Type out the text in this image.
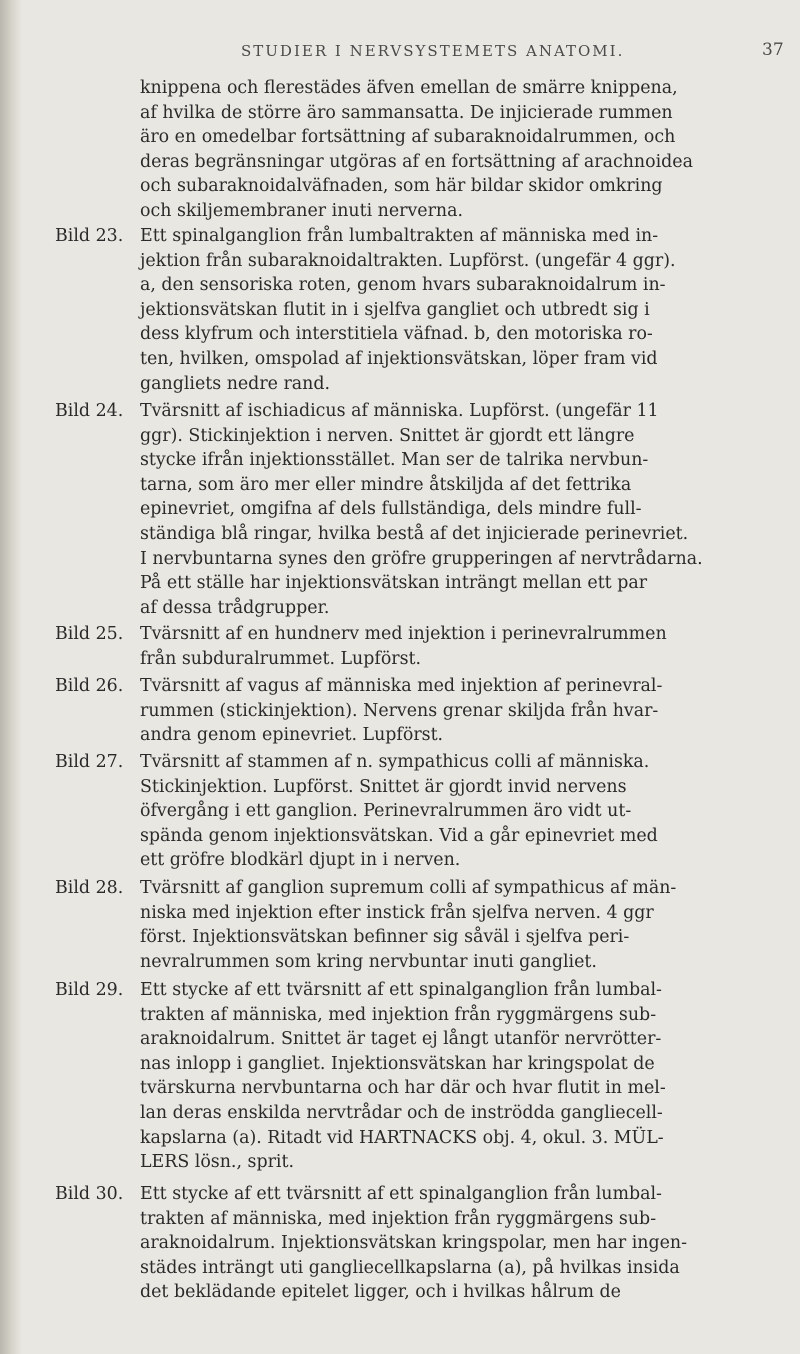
STUDIER I NERVSYSTEMETS ANATOMI.	37
knippena och flerestädes äfven emellan de smärre knippena,
af hvilka de större äro sammansatta. De injicierade rummen
äro en omedelbar fortsättning af subaraknoidalrummen, och
deras begränsningar utgöras af en fortsättning af arachnoidea
och subaraknoidalväfnaden, som här bildar skidor omkring
och skiljemembraner inuti nerverna.
Bild 23. Ett spinalganglion från lumbaltrakten af människa med in-
jektion från subaraknoidaltrakten. Lupförst. (ungefär 4 ggr).
a, den sensoriska roten, genom hvars subaraknoidalrum in-
jektionsvätskan flutit in i sjelfva gangliet och utbredt sig i
dess klyfrum och interstitiela väfnad. b, den motoriska ro-
ten, hvilken, omspolad af injektionsvätskan, löper fram vid
gangliets nedre rand.
Bild 24. Tvärsnitt af ischiadicus af människa. Lupförst. (ungefär 11
ggr). Stickinjektion i nerven. Snittet är gjordt ett längre
stycke ifrån injektionsstället. Man ser de talrika nervbun-
tarna, som äro mer eller mindre åtskiljda af det fettrika
epinevriet, omgifna af dels fullständiga, dels mindre full-
ständiga blå ringar, hvilka bestå af det injicierade perinevriet.
I nervbuntarna synes den gröfre grupperingen af nervtrådarna.
På ett ställe har injektionsvätskan inträngt mellan ett par
af dessa trådgrupper.
Bild 25. Tvärsnitt af en hundnerv med injektion i perinevralrummen
från subduralrummet. Lupförst.
Bild 26. Tvärsnitt af vagus af människa med injektion af perinevral-
rummen (stickinjektion). Nervens grenar skiljda från hvar-
andra genom epinevriet. Lupförst.
Bild 27. Tvärsnitt af stammen af n. sympathicus colli af människa.
Stickinjektion. Lupförst. Snittet är gjordt invid nervens
öfvergång i ett ganglion. Perinevralrummen äro vidt ut-
spända genom injektionsvätskan. Vid a går epinevriet med
ett gröfre blodkärl djupt in i nerven.
Bild 28. Tvärsnitt af ganglion supremum colli af sympathicus af män-
niska med injektion efter instick från sjelfva nerven. 4 ggr
först. Injektionsvätskan befinner sig såväl i sjelfva peri-
nevralrummen som kring nervbuntar inuti gangliet.
Bild 29. Ett stycke af ett tvärsnitt af ett spinalganglion från lumbal-
trakten af människa, med injektion från ryggmärgens sub-
araknoidalrum. Snittet är taget ej långt utanför nervrötter-
nas inlopp i gangliet. Injektionsvätskan har kringspolat de
tvärskurna nervbuntarna och har där och hvar flutit in mel-
lan deras enskilda nervtrådar och de inströdda gangliecell-
kapslarna (a). Ritadt vid HARTNACKS obj. 4, okul. 3. MÜL-
LERS lösn., sprit.
Bild 30. Ett stycke af ett tvärsnitt af ett spinalganglion från lumbal-
trakten af människa, med injektion från ryggmärgens sub-
araknoidalrum. Injektionsvätskan kringspolar, men har ingen-
städes inträngt uti gangliecellkapslarna (a), på hvilkas insida
det beklädande epitelet ligger, och i hvilkas hålrum de
